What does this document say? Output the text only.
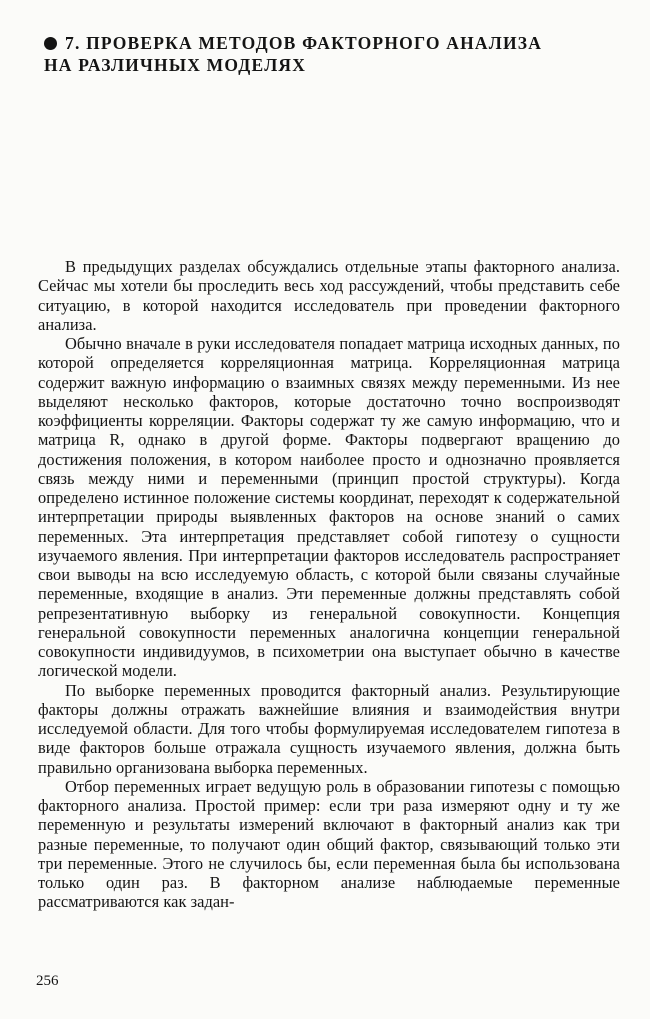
7. ПРОВЕРКА МЕТОДОВ ФАКТОРНОГО АНАЛИЗА
НА РАЗЛИЧНЫХ МОДЕЛЯХ

В предыдущих разделах обсуждались отдельные этапы факторного анализа. Сейчас мы хотели бы проследить весь ход рассуждений, чтобы представить себе ситуацию, в которой находится исследователь при проведении факторного анализа.

Обычно вначале в руки исследователя попадает матрица исходных данных, по которой определяется корреляционная матрица. Корреляционная матрица содержит важную информацию о взаимных связях между переменными. Из нее выделяют несколько факторов, которые достаточно точно воспроизводят коэффициенты корреляции. Факторы содержат ту же самую информацию, что и матрица R, однако в другой форме. Факторы подвергают вращению до достижения положения, в котором наиболее просто и однозначно проявляется связь между ними и переменными (принцип простой структуры). Когда определено истинное положение системы координат, переходят к содержательной интерпретации природы выявленных факторов на основе знаний о самих переменных. Эта интерпретация представляет собой гипотезу о сущности изучаемого явления. При интерпретации факторов исследователь распространяет свои выводы на всю исследуемую область, с которой были связаны случайные переменные, входящие в анализ. Эти переменные должны представлять собой репрезентативную выборку из генеральной совокупности. Концепция генеральной совокупности переменных аналогична концепции генеральной совокупности индивидуумов, в психометрии она выступает обычно в качестве логической модели.

По выборке переменных проводится факторный анализ. Результирующие факторы должны отражать важнейшие влияния и взаимодействия внутри исследуемой области. Для того чтобы формулируемая исследователем гипотеза в виде факторов больше отражала сущность изучаемого явления, должна быть правильно организована выборка переменных.

Отбор переменных играет ведущую роль в образовании гипотезы с помощью факторного анализа. Простой пример: если три раза измеряют одну и ту же переменную и результаты измерений включают в факторный анализ как три разные переменные, то получают один общий фактор, связывающий только эти три переменные. Этого не случилось бы, если переменная была бы использована только один раз. В факторном анализе наблюдаемые переменные рассматриваются как задан-

256
